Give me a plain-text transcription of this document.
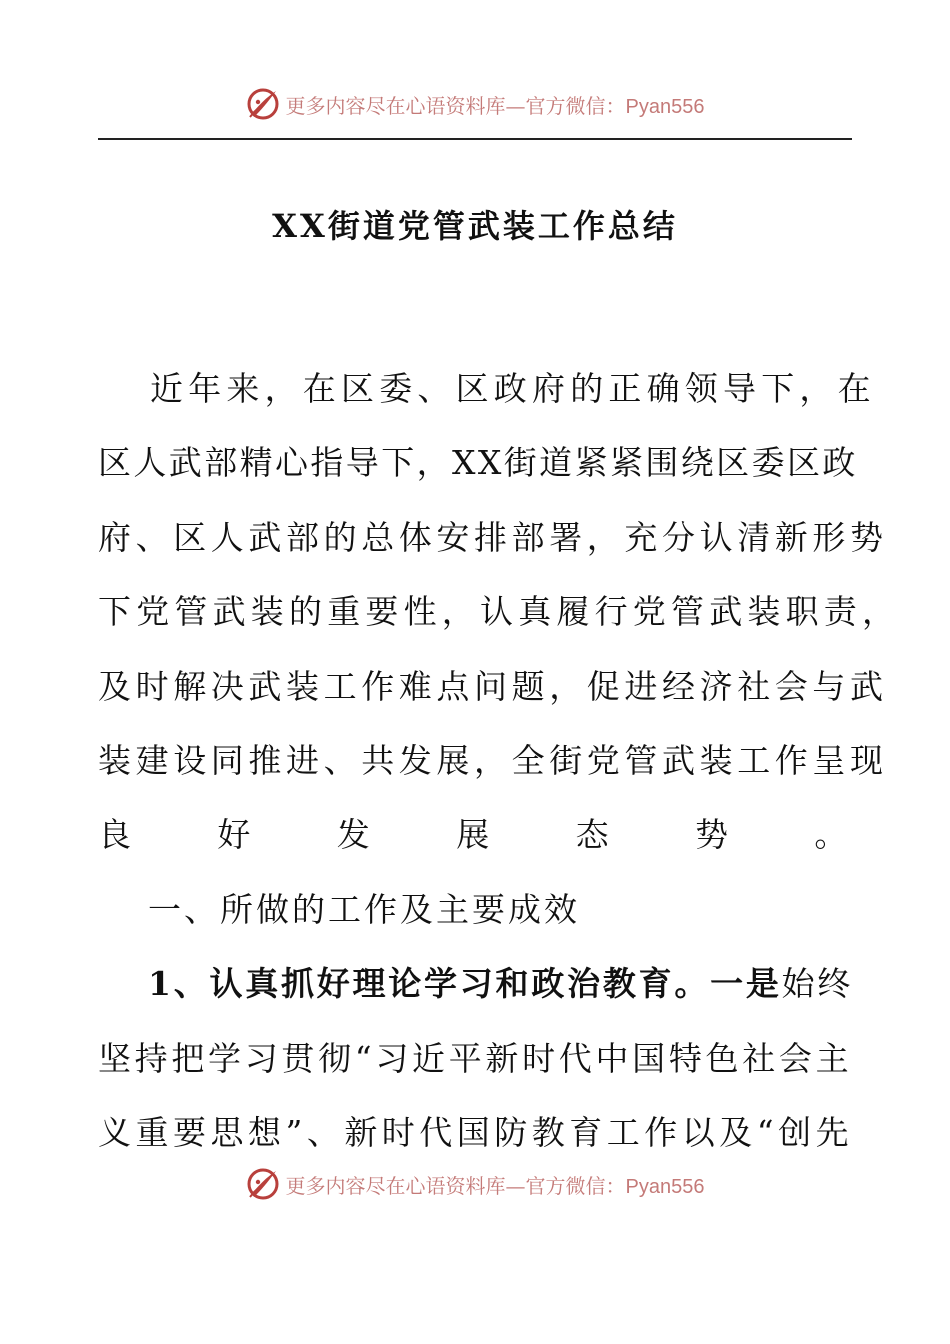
更多内容尽在心语资料库—官方微信：Pyan556
XX街道党管武装工作总结

近年来，在区委、区政府的正确领导下，在
区人武部精心指导下，XX街道紧紧围绕区委区政
府、区人武部的总体安排部署，充分认清新形势
下党管武装的重要性，认真履行党管武装职责，
及时解决武装工作难点问题，促进经济社会与武
装建设同推进、共发展，全街党管武装工作呈现
良好发展态势。

一、所做的工作及主要成效

1、认真抓好理论学习和政治教育。一是始终
坚持把学习贯彻“习近平新时代中国特色社会主
义重要思想”、新时代国防教育工作以及“创先

更多内容尽在心语资料库—官方微信：Pyan556
